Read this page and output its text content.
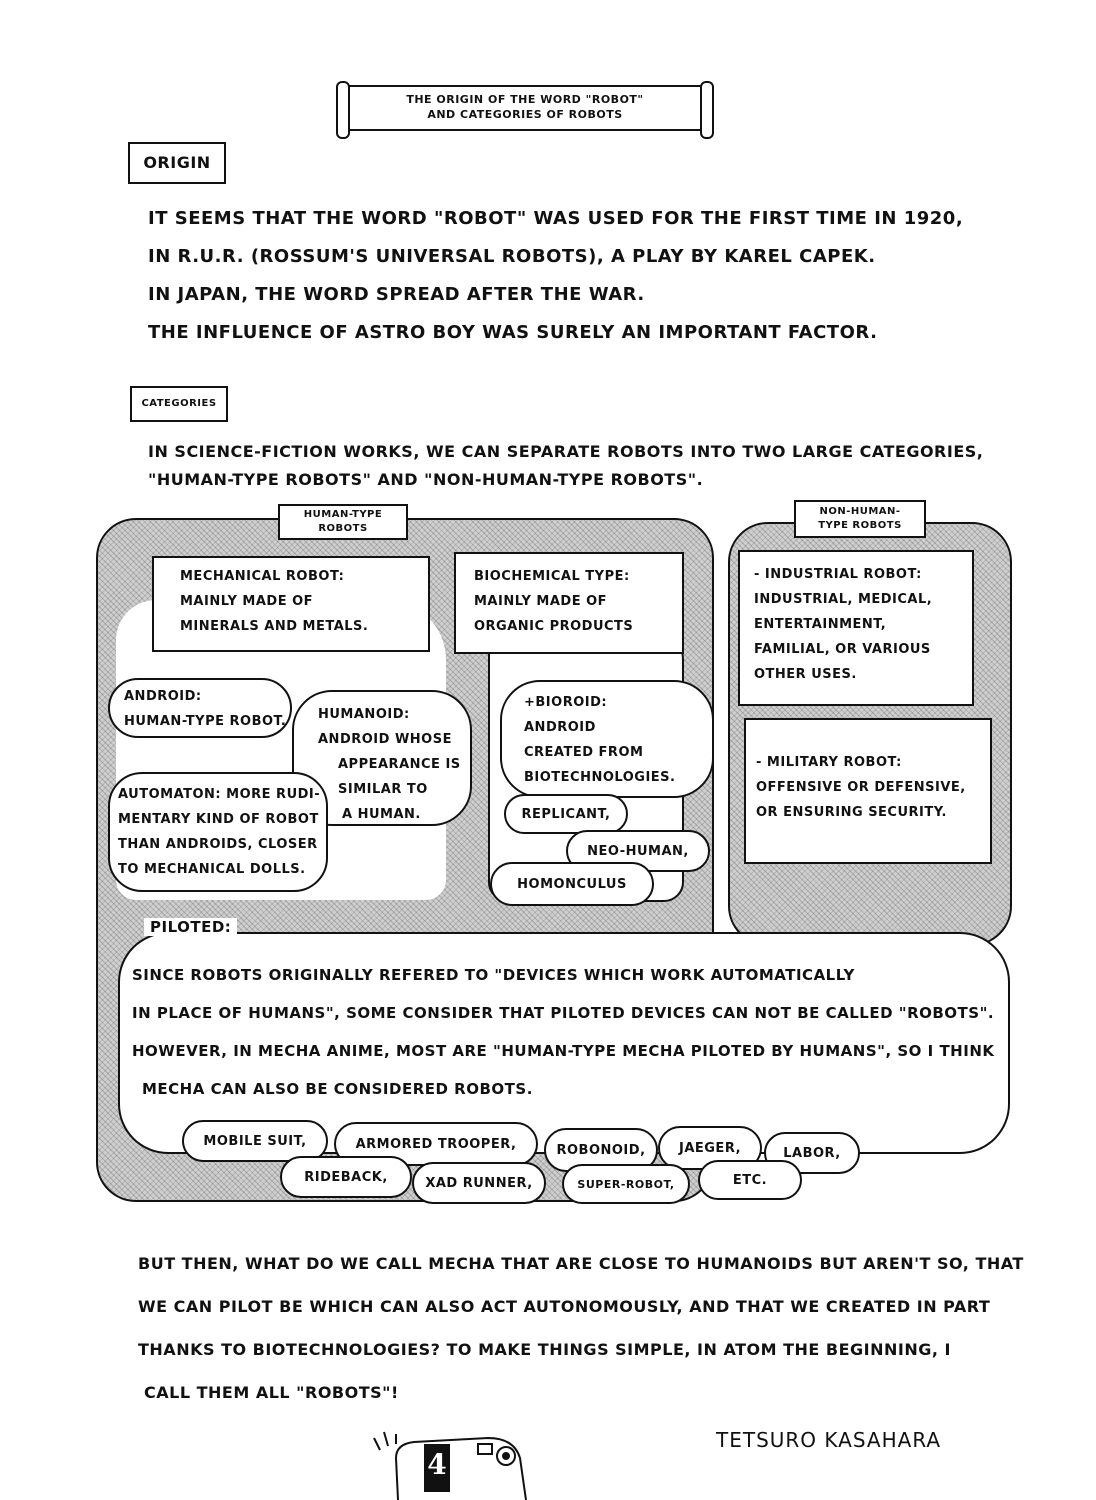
THE ORIGIN OF THE WORD "ROBOT"
AND CATEGORIES OF ROBOTS
ORIGIN
IT SEEMS THAT THE WORD "ROBOT" WAS USED FOR THE FIRST TIME IN 1920,
IN R.U.R. (ROSSUM'S UNIVERSAL ROBOTS), A PLAY BY KAREL CAPEK.
IN JAPAN, THE WORD SPREAD AFTER THE WAR.
THE INFLUENCE OF ASTRO BOY WAS SURELY AN IMPORTANT FACTOR.
CATEGORIES
IN SCIENCE-FICTION WORKS, WE CAN SEPARATE ROBOTS INTO TWO LARGE CATEGORIES,
"HUMAN-TYPE ROBOTS" AND "NON-HUMAN-TYPE ROBOTS".
HUMAN-TYPE
ROBOTS
NON-HUMAN-
TYPE ROBOTS
MECHANICAL ROBOT:
MAINLY MADE OF
MINERALS AND METALS.
BIOCHEMICAL TYPE:
MAINLY MADE OF
ORGANIC PRODUCTS
ANDROID:
HUMAN-TYPE ROBOT. HUMANOID:
ANDROID WHOSE
APPEARANCE IS
SIMILAR TO
A HUMAN.
AUTOMATON: MORE RUDI-
MENTARY KIND OF ROBOT
THAN ANDROIDS, CLOSER
TO MECHANICAL DOLLS.
+BIOROID:
ANDROID
CREATED FROM
BIOTECHNOLOGIES.
REPLICANT,
NEO-HUMAN,
HOMONCULUS
- INDUSTRIAL ROBOT:
INDUSTRIAL, MEDICAL,
ENTERTAINMENT,
FAMILIAL, OR VARIOUS
OTHER USES.
- MILITARY ROBOT:
OFFENSIVE OR DEFENSIVE,
OR ENSURING SECURITY.
PILOTED:
SINCE ROBOTS ORIGINALLY REFERED TO "DEVICES WHICH WORK AUTOMATICALLY
IN PLACE OF HUMANS", SOME CONSIDER THAT PILOTED DEVICES CAN NOT BE CALLED "ROBOTS".
HOWEVER, IN MECHA ANIME, MOST ARE "HUMAN-TYPE MECHA PILOTED BY HUMANS", SO I THINK
MECHA CAN ALSO BE CONSIDERED ROBOTS.
MOBILE SUIT,	ARMORED TROOPER,	ROBONOID,	JAEGER,	LABOR,
RIDEBACK,	XAD RUNNER,	SUPER-ROBOT,	ETC.
BUT THEN, WHAT DO WE CALL MECHA THAT ARE CLOSE TO HUMANOIDS BUT AREN'T SO, THAT
WE CAN PILOT BE WHICH CAN ALSO ACT AUTONOMOUSLY, AND THAT WE CREATED IN PART
THANKS TO BIOTECHNOLOGIES? TO MAKE THINGS SIMPLE, IN ATOM THE BEGINNING, I
CALL THEM ALL "ROBOTS"!
TETSURO KASAHARA
4
